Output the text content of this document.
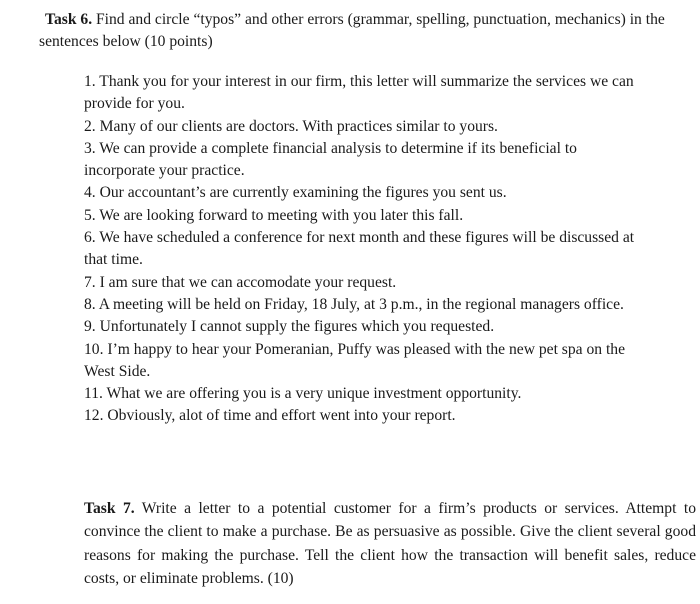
Task 6. Find and circle “typos” and other errors (grammar, spelling, punctuation, mechanics) in the sentences below (10 points)

1. Thank you for your interest in our firm, this letter will summarize the services we can provide for you.
2. Many of our clients are doctors. With practices similar to yours.
3. We can provide a complete financial analysis to determine if its beneficial to incorporate your practice.
4. Our accountant’s are currently examining the figures you sent us.
5. We are looking forward to meeting with you later this fall.
6. We have scheduled a conference for next month and these figures will be discussed at that time.
7. I am sure that we can accomodate your request.
8. A meeting will be held on Friday, 18 July, at 3 p.m., in the regional managers office.
9. Unfortunately I cannot supply the figures which you requested.
10. I’m happy to hear your Pomeranian, Puffy was pleased with the new pet spa on the West Side.
11. What we are offering you is a very unique investment opportunity.
12. Obviously, alot of time and effort went into your report.

Task 7. Write a letter to a potential customer for a firm’s products or services. Attempt to convince the client to make a purchase. Be as persuasive as possible. Give the client several good reasons for making the purchase. Tell the client how the transaction will benefit sales, reduce costs, or eliminate problems. (10)
